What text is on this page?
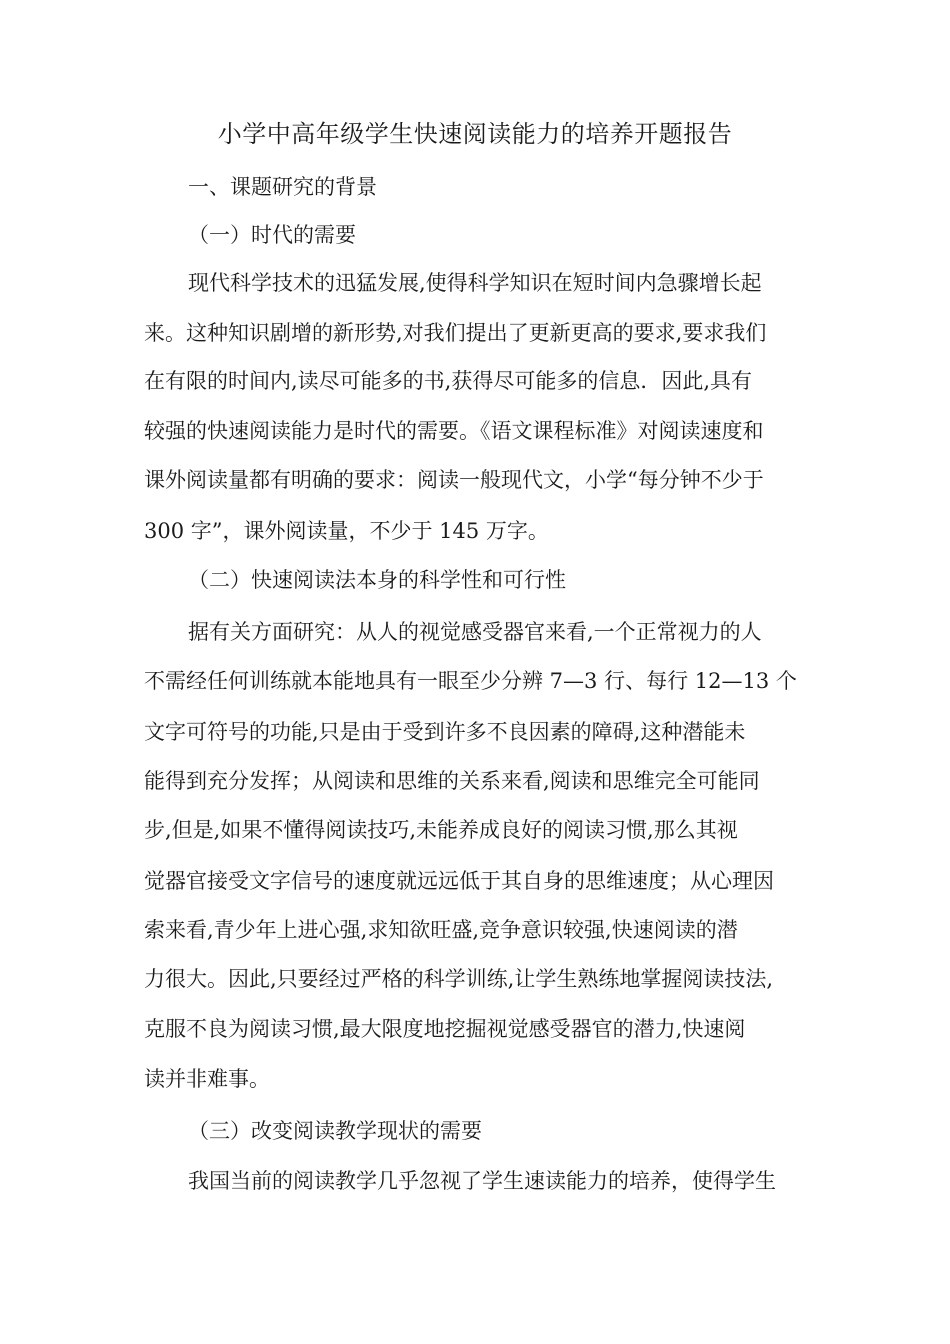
小学中高年级学生快速阅读能力的培养开题报告
一、课题研究的背景
（一）时代的需要
现代科学技术的迅猛发展,使得科学知识在短时间内急骤增长起
来。这种知识剧增的新形势,对我们提出了更新更高的要求,要求我们
在有限的时间内,读尽可能多的书,获得尽可能多的信息．因此,具有
较强的快速阅读能力是时代的需要。《语文课程标准》对阅读速度和
课外阅读量都有明确的要求：阅读一般现代文，小学“每分钟不少于
300 字”，课外阅读量，不少于 145 万字。
（二）快速阅读法本身的科学性和可行性
据有关方面研究：从人的视觉感受器官来看,一个正常视力的人
不需经任何训练就本能地具有一眼至少分辨 7—3 行、每行 12—13 个
文字可符号的功能,只是由于受到许多不良因素的障碍,这种潜能未
能得到充分发挥；从阅读和思维的关系来看,阅读和思维完全可能同
步,但是,如果不懂得阅读技巧,未能养成良好的阅读习惯,那么其视
觉器官接受文字信号的速度就远远低于其自身的思维速度；从心理因
索来看,青少年上进心强,求知欲旺盛,竞争意识较强,快速阅读的潜
力很大。因此,只要经过严格的科学训练,让学生熟练地掌握阅读技法,
克服不良为阅读习惯,最大限度地挖掘视觉感受器官的潜力,快速阅
读并非难事。
（三）改变阅读教学现状的需要
我国当前的阅读教学几乎忽视了学生速读能力的培养，使得学生
